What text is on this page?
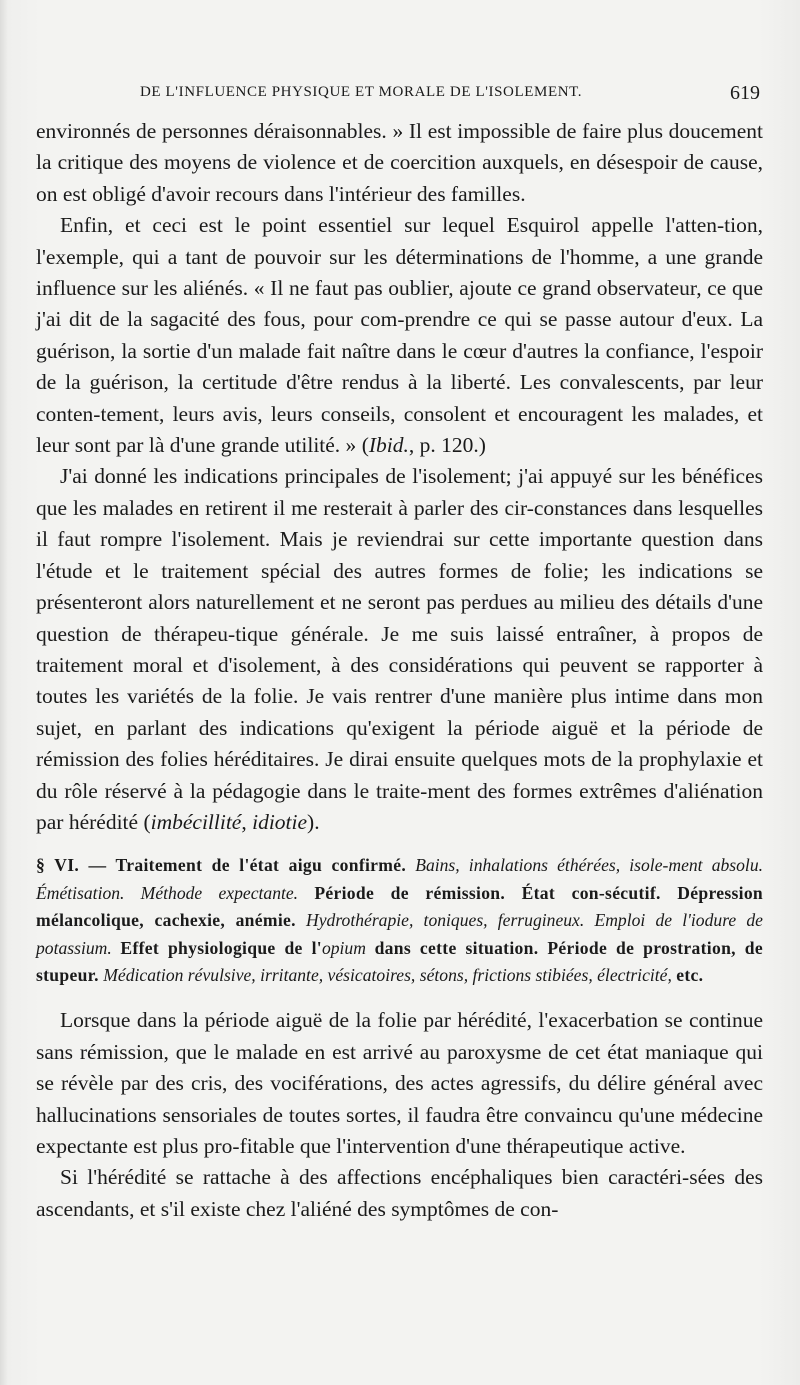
DE L'INFLUENCE PHYSIQUE ET MORALE DE L'ISOLEMENT.	619

environnés de personnes déraisonnables. » Il est impossible de faire plus doucement la critique des moyens de violence et de coercition auxquels, en désespoir de cause, on est obligé d'avoir recours dans l'intérieur des familles.

Enfin, et ceci est le point essentiel sur lequel Esquirol appelle l'atten-tion, l'exemple, qui a tant de pouvoir sur les déterminations de l'homme, a une grande influence sur les aliénés. « Il ne faut pas oublier, ajoute ce grand observateur, ce que j'ai dit de la sagacité des fous, pour com-prendre ce qui se passe autour d'eux. La guérison, la sortie d'un malade fait naître dans le cœur d'autres la confiance, l'espoir de la guérison, la certitude d'être rendus à la liberté. Les convalescents, par leur conten-tement, leurs avis, leurs conseils, consolent et encouragent les malades, et leur sont par là d'une grande utilité. » (Ibid., p. 120.)

J'ai donné les indications principales de l'isolement; j'ai appuyé sur les bénéfices que les malades en retirent il me resterait à parler des cir-constances dans lesquelles il faut rompre l'isolement. Mais je reviendrai sur cette importante question dans l'étude et le traitement spécial des autres formes de folie; les indications se présenteront alors naturellement et ne seront pas perdues au milieu des détails d'une question de thérapeu-tique générale. Je me suis laissé entraîner, à propos de traitement moral et d'isolement, à des considérations qui peuvent se rapporter à toutes les variétés de la folie. Je vais rentrer d'une manière plus intime dans mon sujet, en parlant des indications qu'exigent la période aiguë et la période de rémission des folies héréditaires. Je dirai ensuite quelques mots de la prophylaxie et du rôle réservé à la pédagogie dans le traite-ment des formes extrêmes d'aliénation par hérédité (imbécillité, idiotie).

§ VI. — Traitement de l'état aigu confirmé. Bains, inhalations éthérées, isole-ment absolu. Émétisation. Méthode expectante. Période de rémission. État con-sécutif. Dépression mélancolique, cachexie, anémie. Hydrothérapie, toniques, ferrugineux. Emploi de l'iodure de potassium. Effet physiologique de l'opium dans cette situation. Période de prostration, de stupeur. Médication révulsive, irritante, vésicatoires, sétons, frictions stibiées, électricité, etc.

Lorsque dans la période aiguë de la folie par hérédité, l'exacerbation se continue sans rémission, que le malade en est arrivé au paroxysme de cet état maniaque qui se révèle par des cris, des vociférations, des actes agressifs, du délire général avec hallucinations sensoriales de toutes sortes, il faudra être convaincu qu'une médecine expectante est plus pro-fitable que l'intervention d'une thérapeutique active.

Si l'hérédité se rattache à des affections encéphaliques bien caractéri-sées des ascendants, et s'il existe chez l'aliéné des symptômes de con-
